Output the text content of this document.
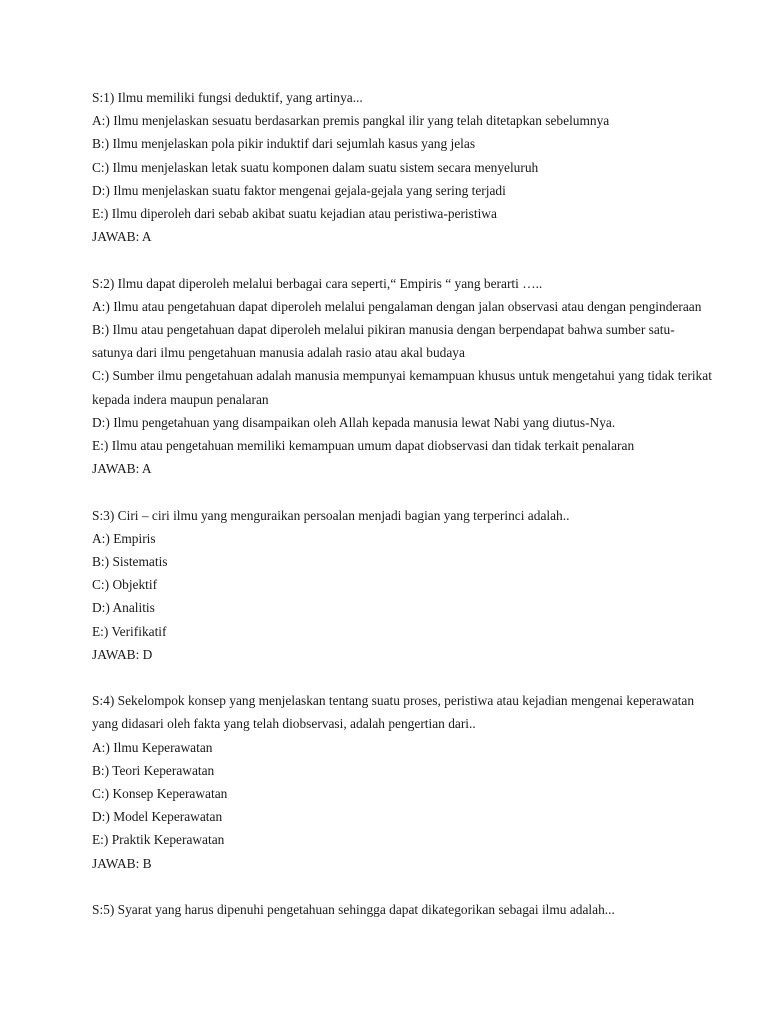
S:1) Ilmu memiliki fungsi deduktif, yang artinya...
A:) Ilmu menjelaskan sesuatu berdasarkan premis pangkal ilir yang telah ditetapkan sebelumnya
B:) Ilmu menjelaskan pola pikir induktif dari sejumlah kasus yang jelas
C:) Ilmu menjelaskan letak suatu komponen dalam suatu sistem secara menyeluruh
D:) Ilmu menjelaskan suatu faktor mengenai gejala-gejala yang sering terjadi
E:) Ilmu diperoleh dari sebab akibat suatu kejadian atau peristiwa-peristiwa
JAWAB: A
S:2) Ilmu dapat diperoleh melalui berbagai cara seperti,“ Empiris “ yang berarti …..
A:) Ilmu atau pengetahuan dapat diperoleh melalui pengalaman dengan jalan observasi atau dengan penginderaan
B:) Ilmu atau pengetahuan dapat diperoleh melalui pikiran manusia dengan berpendapat bahwa sumber satu-satunya dari ilmu pengetahuan manusia adalah rasio atau akal budaya
C:) Sumber ilmu pengetahuan adalah manusia mempunyai kemampuan khusus untuk mengetahui yang tidak terikat kepada indera maupun penalaran
D:) Ilmu pengetahuan yang disampaikan oleh Allah kepada manusia lewat Nabi yang diutus-Nya.
E:) Ilmu atau pengetahuan memiliki kemampuan umum dapat diobservasi dan tidak terkait penalaran
JAWAB: A
S:3) Ciri – ciri ilmu yang menguraikan persoalan menjadi bagian yang terperinci adalah..
A:) Empiris
B:) Sistematis
C:) Objektif
D:) Analitis
E:) Verifikatif
JAWAB: D
S:4) Sekelompok konsep yang menjelaskan tentang suatu proses, peristiwa atau kejadian mengenai keperawatan yang didasari oleh fakta yang telah diobservasi, adalah pengertian dari..
A:) Ilmu Keperawatan
B:) Teori Keperawatan
C:) Konsep Keperawatan
D:) Model Keperawatan
E:) Praktik Keperawatan
JAWAB: B
S:5) Syarat yang harus dipenuhi pengetahuan sehingga dapat dikategorikan sebagai ilmu adalah...
